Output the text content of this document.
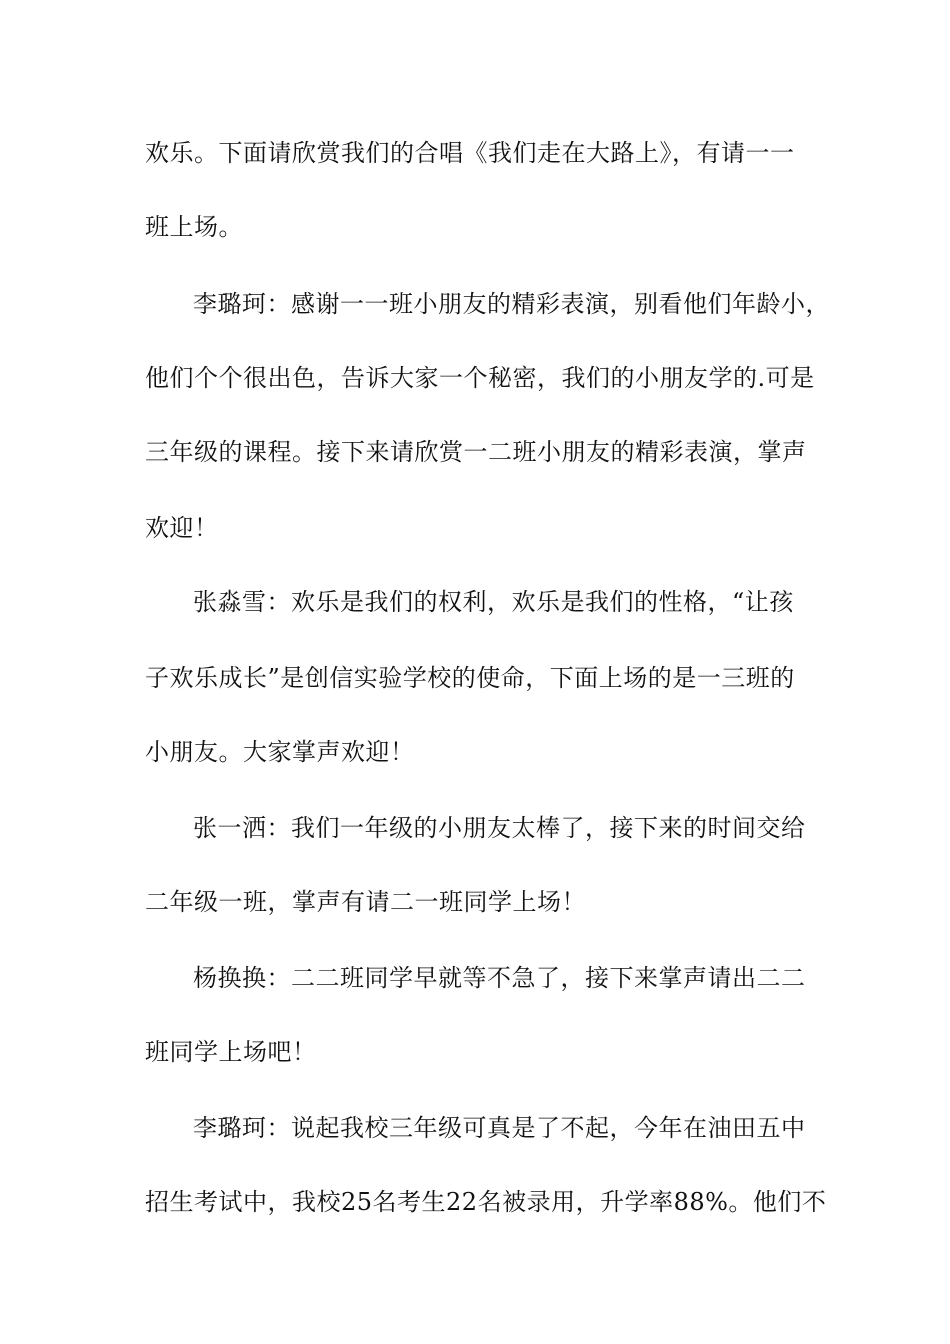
欢乐。下面请欣赏我们的合唱《我们走在大路上》，有请一一
班上场。
李璐珂：感谢一一班小朋友的精彩表演，别看他们年龄小，
他们个个很出色，告诉大家一个秘密，我们的小朋友学的.可是
三年级的课程。接下来请欣赏一二班小朋友的精彩表演，掌声
欢迎！
张淼雪：欢乐是我们的权利，欢乐是我们的性格，“让孩
子欢乐成长”是创信实验学校的使命，下面上场的是一三班的
小朋友。大家掌声欢迎！
张一洒：我们一年级的小朋友太棒了，接下来的时间交给
二年级一班，掌声有请二一班同学上场！
杨换换：二二班同学早就等不急了，接下来掌声请出二二
班同学上场吧！
李璐珂：说起我校三年级可真是了不起，今年在油田五中
招生考试中，我校25名考生22名被录用，升学率88%。他们不
